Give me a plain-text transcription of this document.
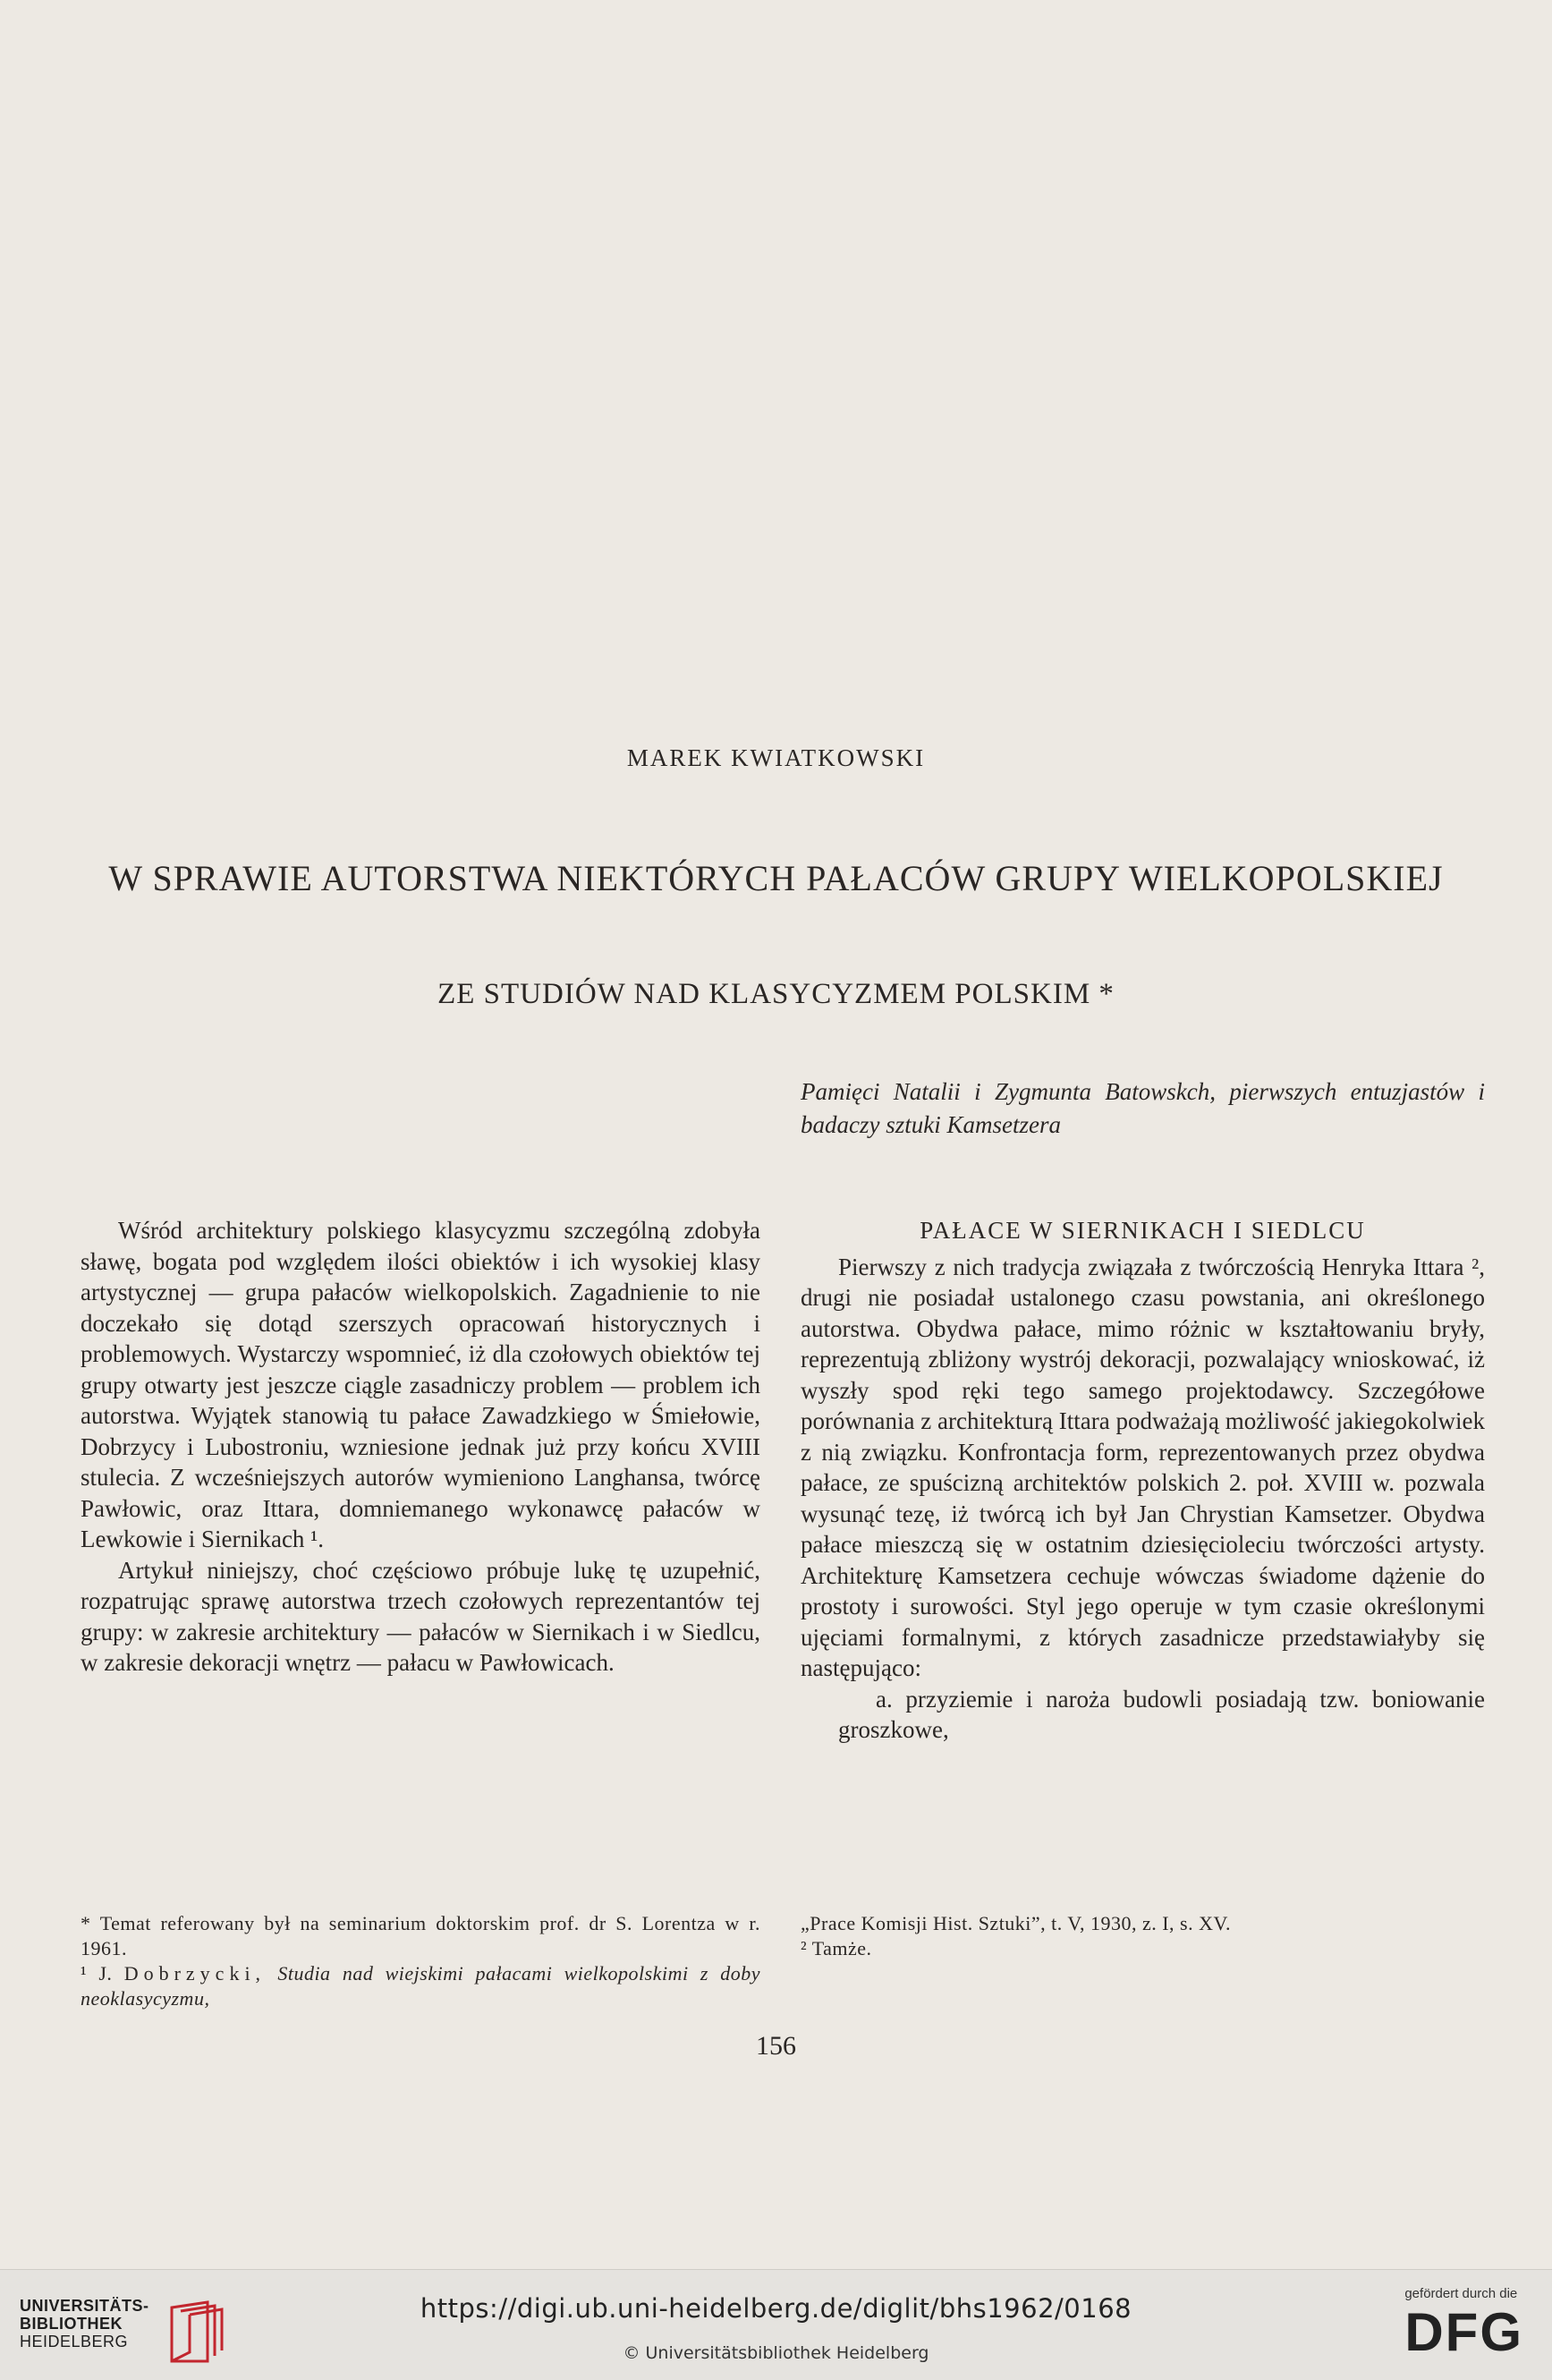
MAREK KWIATKOWSKI
W SPRAWIE AUTORSTWA NIEKTÓRYCH PAŁACÓW GRUPY WIELKOPOLSKIEJ
ZE STUDIÓW NAD KLASYCYZMEM POLSKIM *
Pamięci Natalii i Zygmunta Batowskch, pierwszych entuzjastów i badaczy sztuki Kamsetzera

Wśród architektury polskiego klasycyzmu szczególną zdobyła sławę, bogata pod względem ilości obiektów i ich wysokiej klasy artystycznej — grupa pałaców wielkopolskich. Zagadnienie to nie doczekało się dotąd szerszych opracowań historycznych i problemowych. Wystarczy wspomnieć, iż dla czołowych obiektów tej grupy otwarty jest jeszcze ciągle zasadniczy problem — problem ich autorstwa. Wyjątek stanowią tu pałace Zawadzkiego w Śmiełowie, Dobrzycy i Lubostroniu, wzniesione jednak już przy końcu XVIII stulecia. Z wcześniejszych autorów wymieniono Langhansa, twórcę Pawłowic, oraz Ittara, domniemanego wykonawcę pałaców w Lewkowie i Siernikach ¹.

Artykuł niniejszy, choć częściowo próbuje lukę tę uzupełnić, rozpatrując sprawę autorstwa trzech czołowych reprezentantów tej grupy: w zakresie architektury — pałaców w Siernikach i w Siedlcu, w zakresie dekoracji wnętrz — pałacu w Pawłowicach.

PAŁACE W SIERNIKACH I SIEDLCU

Pierwszy z nich tradycja związała z twórczością Henryka Ittara ², drugi nie posiadał ustalonego czasu powstania, ani określonego autorstwa. Obydwa pałace, mimo różnic w kształtowaniu bryły, reprezentują zbliżony wystrój dekoracji, pozwalający wnioskować, iż wyszły spod ręki tego samego projektodawcy. Szczegółowe porównania z architekturą Ittara podważają możliwość jakiegokolwiek z nią związku. Konfrontacja form, reprezentowanych przez obydwa pałace, ze spuścizną architektów polskich 2. poł. XVIII w. pozwala wysunąć tezę, iż twórcą ich był Jan Chrystian Kamsetzer. Obydwa pałace mieszczą się w ostatnim dziesięcioleciu twórczości artysty. Architekturę Kamsetzera cechuje wówczas świadome dążenie do prostoty i surowości. Styl jego operuje w tym czasie określonymi ujęciami formalnymi, z których zasadnicze przedstawiałyby się następująco:

a. przyziemie i naroża budowli posiadają tzw. boniowanie groszkowe,

* Temat referowany był na seminarium doktorskim prof. dr S. Lorentza w r. 1961.

¹ J. Dobrzycki, Studia nad wiejskimi pałacami wielkopolskimi z doby neoklasycyzmu,

„Prace Komisji Hist. Sztuki”, t. V, 1930, z. I, s. XV.

² Tamże.

156
UNIVERSITÄTS-
BIBLIOTHEK
HEIDELBERG
https://digi.ub.uni-heidelberg.de/diglit/bhs1962/0168
© Universitätsbibliothek Heidelberg
gefördert durch die
DFG
